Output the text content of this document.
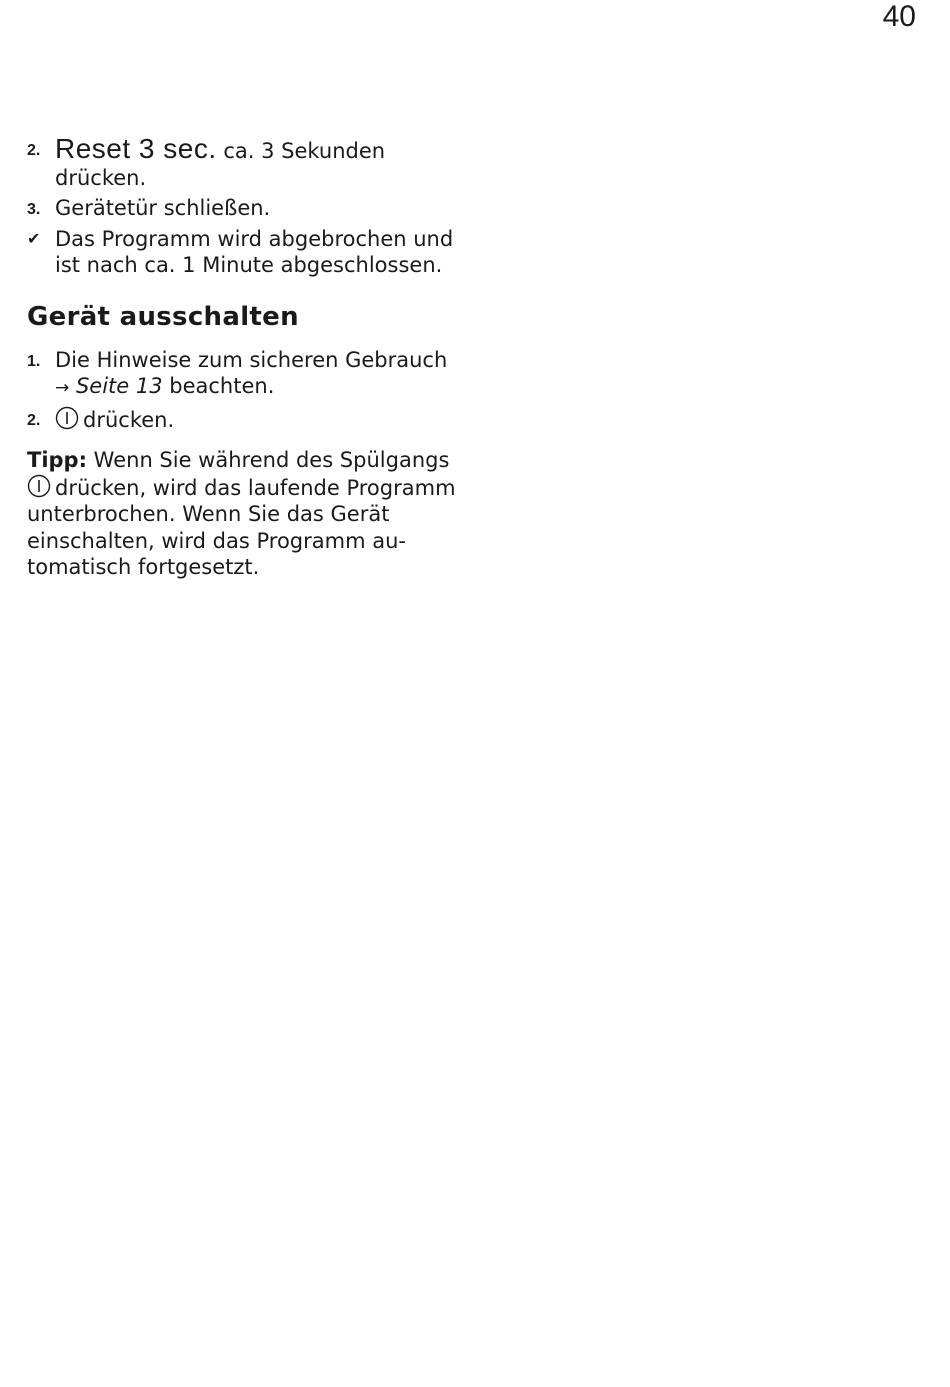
40
2. Reset 3 sec. ca. 3 Sekunden drücken.
3. Gerätetür schließen.
✔ Das Programm wird abgebrochen und ist nach ca. 1 Minute abgeschlossen.
Gerät ausschalten
1. Die Hinweise zum sicheren Gebrauch → Seite 13 beachten.
2. drücken.
Tipp: Wenn Sie während des Spülgangs drücken, wird das laufende Programm unterbrochen. Wenn Sie das Gerät einschalten, wird das Programm automatisch fortgesetzt.
